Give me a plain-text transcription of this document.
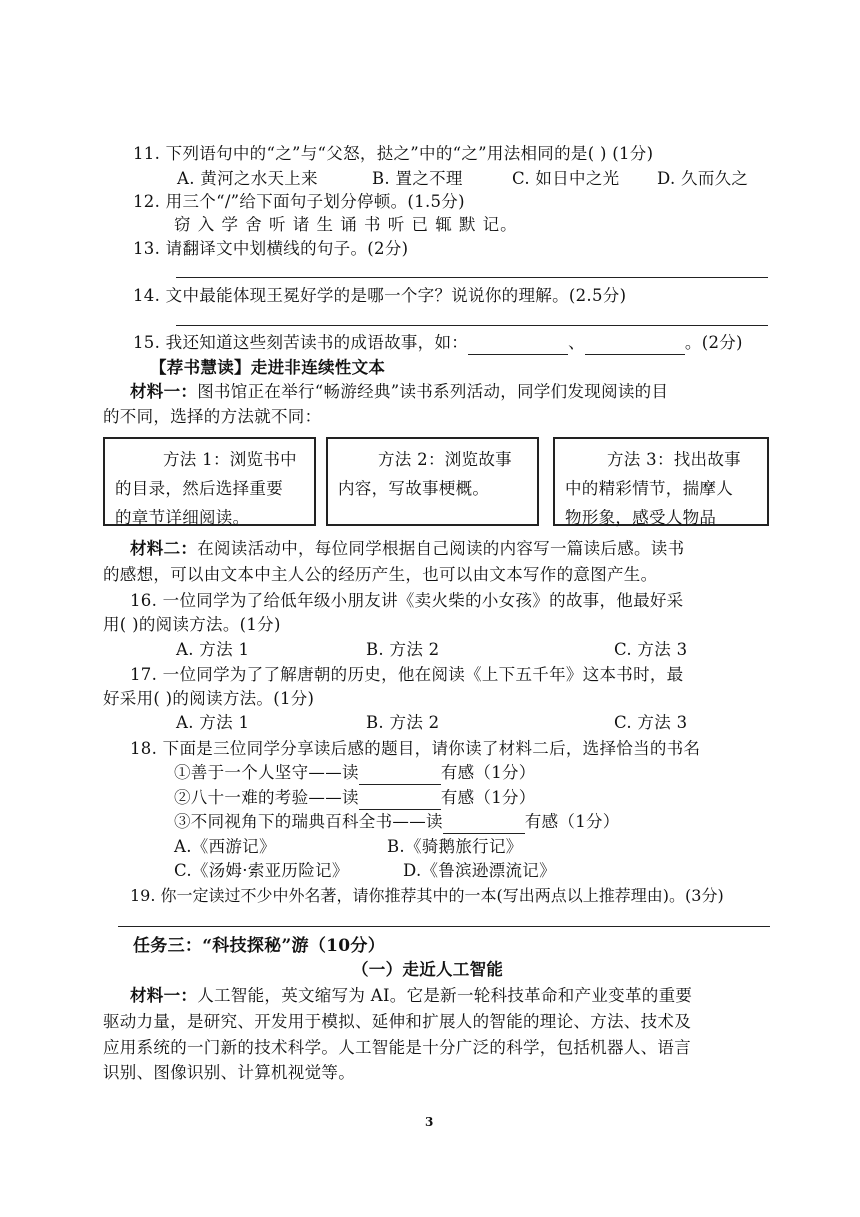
11. 下列语句中的“之”与“父怒，挞之”中的“之”用法相同的是( ) (1分)
A. 黄河之水天上来	B. 置之不理	C. 如日中之光 D. 久而久之
12. 用三个“/”给下面句子划分停顿。(1.5分)
窃 入 学 舍 听 诸 生 诵 书 听 已 辄 默 记。
13. 请翻译文中划横线的句子。(2分)
14. 文中最能体现王冕好学的是哪一个字？说说你的理解。(2.5分)
15. 我还知道这些刻苦读书的成语故事，如：	、	。(2分)
【荐书慧读】走进非连续性文本
材料一：图书馆正在举行“畅游经典”读书系列活动，同学们发现阅读的目
的不同，选择的方法就不同：

方法 1：浏览书中

的目录，然后选择重要

的章节详细阅读。

方法 2：浏览故事

内容，写故事梗概。

方法 3：找出故事

中的精彩情节，揣摩人

物形象，感受人物品

材料二：在阅读活动中，每位同学根据自己阅读的内容写一篇读后感。读书
的感想，可以由文本中主人公的经历产生，也可以由文本写作的意图产生。
16. 一位同学为了给低年级小朋友讲《卖火柴的小女孩》的故事，他最好采
用( )的阅读方法。(1分)
A. 方法 1	B. 方法 2	C. 方法 3
17. 一位同学为了了解唐朝的历史，他在阅读《上下五千年》这本书时，最
好采用( )的阅读方法。(1分)
A. 方法 1	B. 方法 2	C. 方法 3
18. 下面是三位同学分享读后感的题目，请你读了材料二后，选择恰当的书名
①善于一个人坚守——读	有感（1分）
②八十一难的考验——读	有感（1分）
③不同视角下的瑞典百科全书——读	有感（1分）
A.《西游记》	B.《骑鹅旅行记》
C.《汤姆·索亚历险记》	D.《鲁滨逊漂流记》
19. 你一定读过不少中外名著，请你推荐其中的一本(写出两点以上推荐理由)。(3分)
任务三：“科技探秘”游（10分）
（一）走近人工智能
材料一：人工智能，英文缩写为 AI。它是新一轮科技革命和产业变革的重要
驱动力量，是研究、开发用于模拟、延伸和扩展人的智能的理论、方法、技术及
应用系统的一门新的技术科学。人工智能是十分广泛的科学，包括机器人、语言
识别、图像识别、计算机视觉等。
3
